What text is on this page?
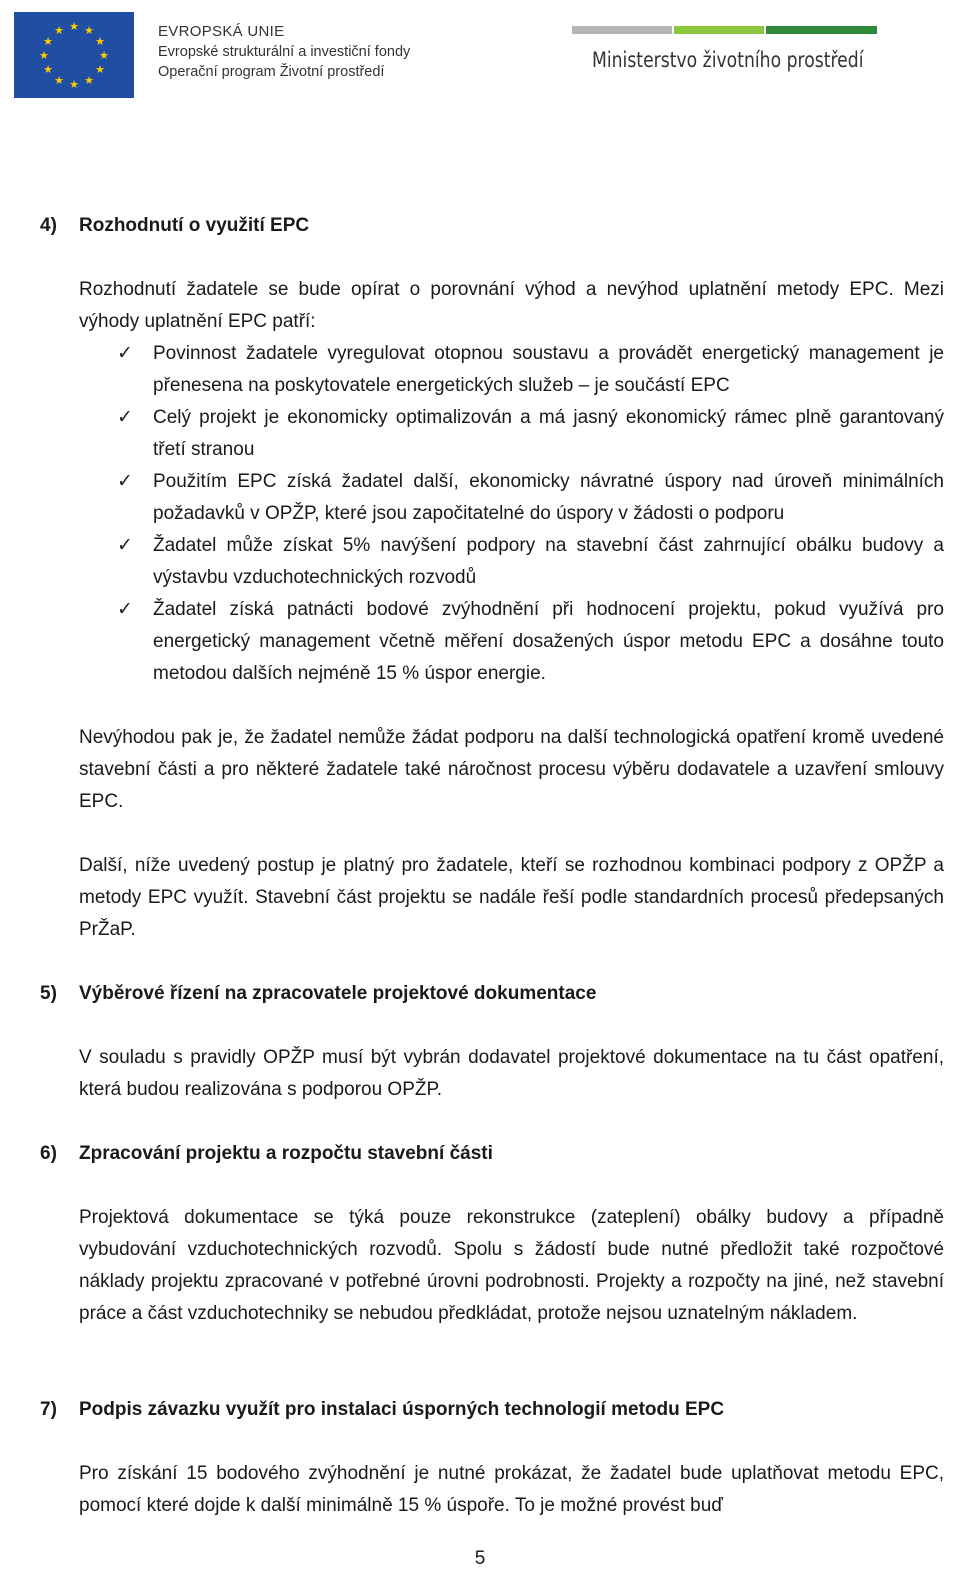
★ ★
★
★
★
★
★
★
★
★
★
★	EVROPSKÁ UNIE
Evropské strukturální a investiční fondy
Operační program Životní prostředí	Ministerstvo životního prostředí
4) Rozhodnutí o využití EPC
Rozhodnutí žadatele se bude opírat o porovnání výhod a nevýhod uplatnění metody EPC. Mezi výhody uplatnění EPC patří:
✓ Povinnost žadatele vyregulovat otopnou soustavu a provádět energetický management je přenesena na poskytovatele energetických služeb – je součástí EPC
✓ Celý projekt je ekonomicky optimalizován a má jasný ekonomický rámec plně garantovaný třetí stranou
✓ Použitím EPC získá žadatel další, ekonomicky návratné úspory nad úroveň minimálních požadavků v OPŽP, které jsou započitatelné do úspory v žádosti o podporu
✓ Žadatel může získat 5% navýšení podpory na stavební část zahrnující obálku budovy a výstavbu vzduchotechnických rozvodů
✓ Žadatel získá patnácti bodové zvýhodnění při hodnocení projektu, pokud využívá pro energetický management včetně měření dosažených úspor metodu EPC a dosáhne touto metodou dalších nejméně 15 % úspor energie.
Nevýhodou pak je, že žadatel nemůže žádat podporu na další technologická opatření kromě uvedené stavební části a pro některé žadatele také náročnost procesu výběru dodavatele a uzavření smlouvy EPC.
Další, níže uvedený postup je platný pro žadatele, kteří se rozhodnou kombinaci podpory z OPŽP a metody EPC využít. Stavební část projektu se nadále řeší podle standardních procesů předepsaných PrŽaP.
5) Výběrové řízení na zpracovatele projektové dokumentace
V souladu s pravidly OPŽP musí být vybrán dodavatel projektové dokumentace na tu část opatření, která budou realizována s podporou OPŽP.
6) Zpracování projektu a rozpočtu stavební části
Projektová dokumentace se týká pouze rekonstrukce (zateplení) obálky budovy a případně vybudování vzduchotechnických rozvodů. Spolu s žádostí bude nutné předložit také rozpočtové náklady projektu zpracované v potřebné úrovni podrobnosti. Projekty a rozpočty na jiné, než stavební práce a část vzduchotechniky se nebudou předkládat, protože nejsou uznatelným nákladem.
7) Podpis závazku využít pro instalaci úsporných technologií metodu EPC
Pro získání 15 bodového zvýhodnění je nutné prokázat, že žadatel bude uplatňovat metodu EPC, pomocí které dojde k další minimálně 15 % úspoře. To je možné provést buď
5
